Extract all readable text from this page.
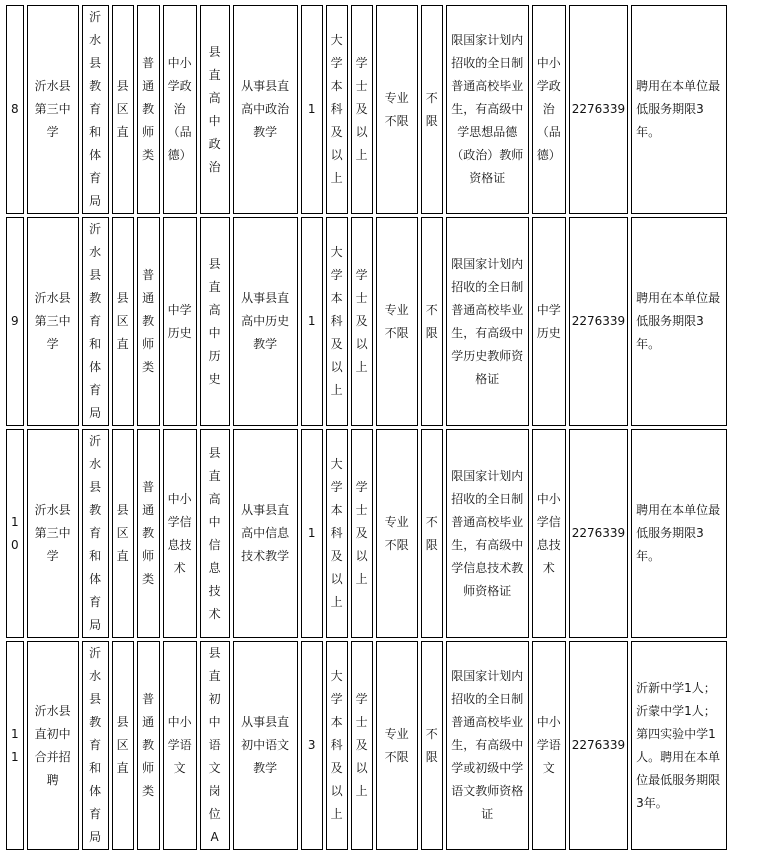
8	沂水县第三中学	沂水县教育和体育局	县区直	普通教师类	中小学政治（品德）	县直高中政治	从事县直高中政治教学	1	大学本科及以上	学士及以上	专业不限	不限	限国家计划内招收的全日制普通高校毕业生，有高级中学思想品德（政治）教师资格证	中小学政治（品德）	2276339	聘用在本单位最低服务期限3年。
9	沂水县第三中学	沂水县教育和体育局	县区直	普通教师类	中学历史	县直高中历史	从事县直高中历史教学	1	大学本科及以上	学士及以上	专业不限	不限	限国家计划内招收的全日制普通高校毕业生，有高级中学历史教师资格证	中学历史	2276339	聘用在本单位最低服务期限3年。
10	沂水县第三中学	沂水县教育和体育局	县区直	普通教师类	中小学信息技术	县直高中信息技术	从事县直高中信息技术教学	1	大学本科及以上	学士及以上	专业不限	不限	限国家计划内招收的全日制普通高校毕业生，有高级中学信息技术教师资格证	中小学信息技术	2276339	聘用在本单位最低服务期限3年。
11	沂水县直初中合并招聘	沂水县教育和体育局	县区直	普通教师类	中小学语文	县直初中语文岗位A	从事县直初中语文教学	3	大学本科及以上	学士及以上	专业不限	不限	限国家计划内招收的全日制普通高校毕业生，有高级中学或初级中学语文教师资格证	中小学语文	2276339	沂新中学1人；沂蒙中学1人；第四实验中学1人。聘用在本单位最低服务期限3年。
